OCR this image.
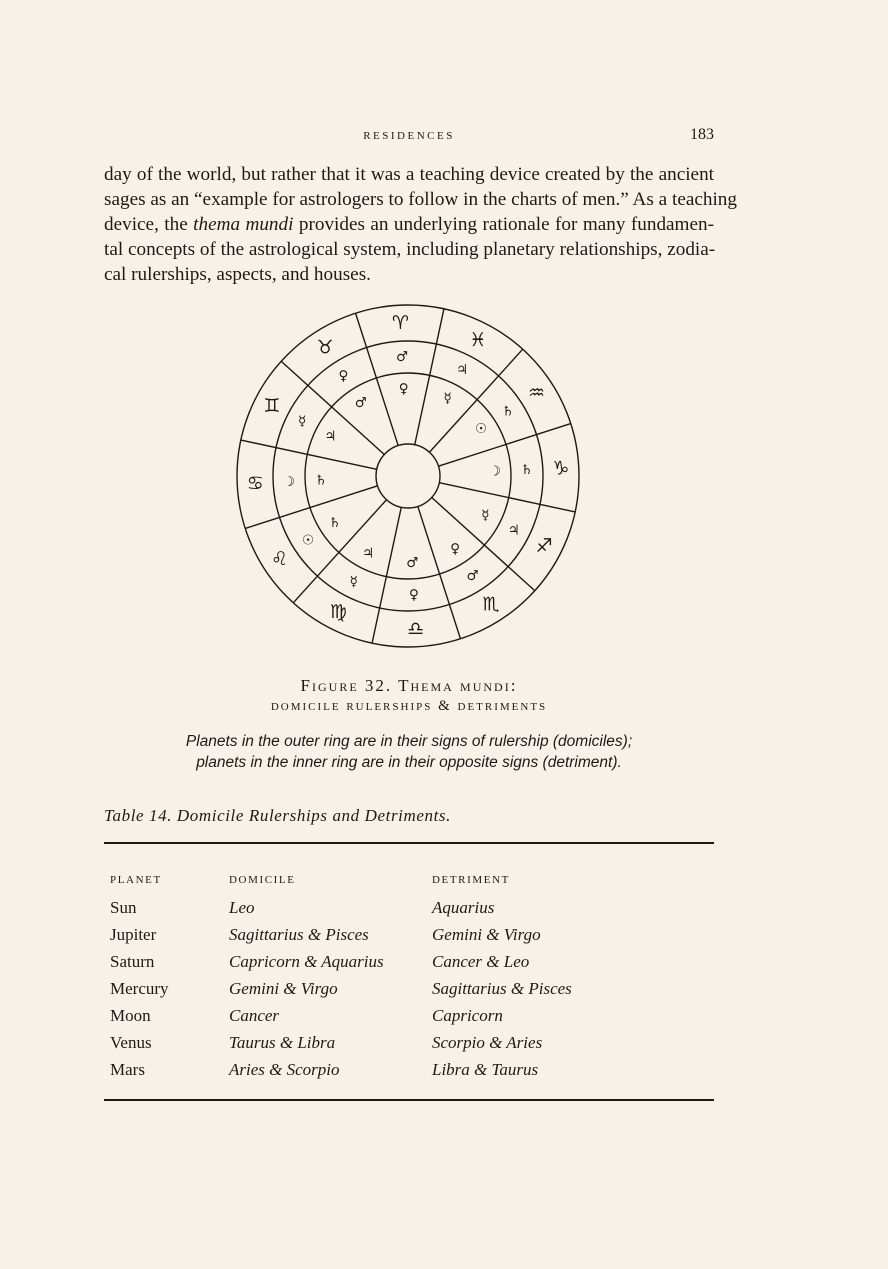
residences	183
day of the world, but rather that it was a teaching device created by the ancient
sages as an “example for astrologers to follow in the charts of men.” As a teaching
device, the thema mundi provides an underlying rationale for many fundamen-
tal concepts of the astrological system, including planetary relationships, zodia-
cal rulerships, aspects, and houses.
♈
♂
♀
♓
♃
☿	♒
♄
☉
♑
♄
☽
♐
♃
☿
♏
♂
♀
♎
♀
♂
♍
☿
♃
♌
☉
♄
♋ ☽ ♄
♊
☿
♃
♉
♀
♂
Figure 32. Thema mundi:
domicile rulerships & detriments
Planets in the outer ring are in their signs of rulership (domiciles);
planets in the inner ring are in their opposite signs (detriment).
Table 14. Domicile Rulerships and Detriments.
planet	domicile	detriment
Sun	Leo	Aquarius
Jupiter	Sagittarius & Pisces	Gemini & Virgo
Saturn	Capricorn & Aquarius	Cancer & Leo
Mercury	Gemini & Virgo	Sagittarius & Pisces
Moon	Cancer	Capricorn
Venus	Taurus & Libra	Scorpio & Aries
Mars	Aries & Scorpio	Libra & Taurus
